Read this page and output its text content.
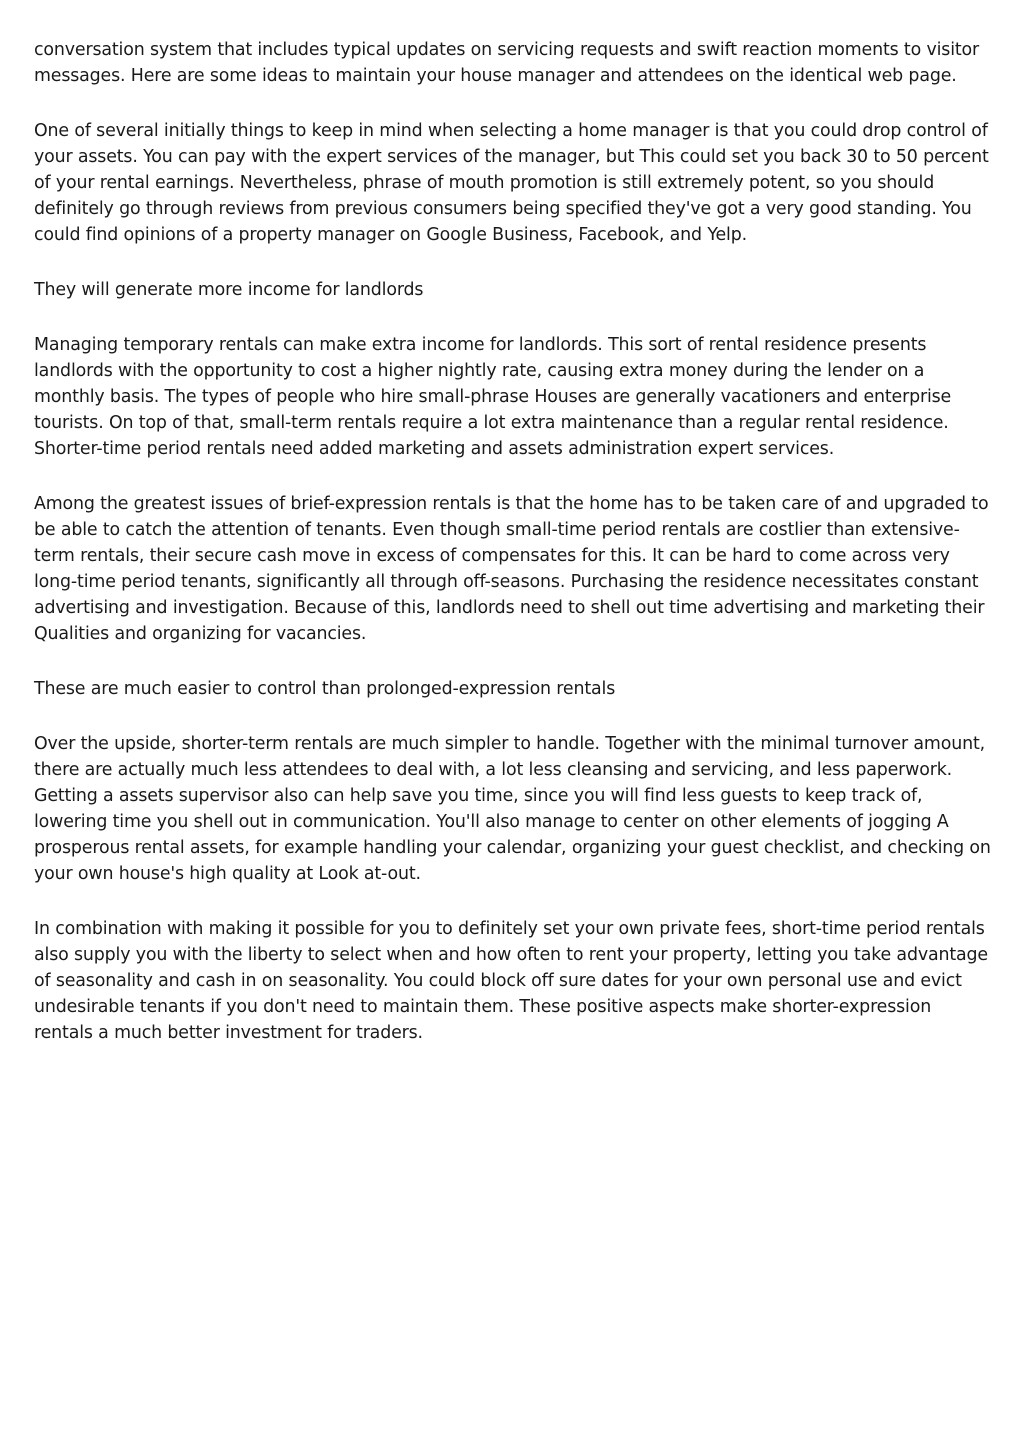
conversation system that includes typical updates on servicing requests and swift reaction moments to visitor messages. Here are some ideas to maintain your house manager and attendees on the identical web page.

One of several initially things to keep in mind when selecting a home manager is that you could drop control of your assets. You can pay with the expert services of the manager, but This could set you back 30 to 50 percent of your rental earnings. Nevertheless, phrase of mouth promotion is still extremely potent, so you should definitely go through reviews from previous consumers being specified they've got a very good standing. You could find opinions of a property manager on Google Business, Facebook, and Yelp.

They will generate more income for landlords

Managing temporary rentals can make extra income for landlords. This sort of rental residence presents landlords with the opportunity to cost a higher nightly rate, causing extra money during the lender on a monthly basis. The types of people who hire small-phrase Houses are generally vacationers and enterprise tourists. On top of that, small-term rentals require a lot extra maintenance than a regular rental residence. Shorter-time period rentals need added marketing and assets administration expert services.

Among the greatest issues of brief-expression rentals is that the home has to be taken care of and upgraded to be able to catch the attention of tenants. Even though small-time period rentals are costlier than extensive-term rentals, their secure cash move in excess of compensates for this. It can be hard to come across very long-time period tenants, significantly all through off-seasons. Purchasing the residence necessitates constant advertising and investigation. Because of this, landlords need to shell out time advertising and marketing their Qualities and organizing for vacancies.

These are much easier to control than prolonged-expression rentals

Over the upside, shorter-term rentals are much simpler to handle. Together with the minimal turnover amount, there are actually much less attendees to deal with, a lot less cleansing and servicing, and less paperwork. Getting a assets supervisor also can help save you time, since you will find less guests to keep track of, lowering time you shell out in communication. You'll also manage to center on other elements of jogging A prosperous rental assets, for example handling your calendar, organizing your guest checklist, and checking on your own house's high quality at Look at-out.

In combination with making it possible for you to definitely set your own private fees, short-time period rentals also supply you with the liberty to select when and how often to rent your property, letting you take advantage of seasonality and cash in on seasonality. You could block off sure dates for your own personal use and evict undesirable tenants if you don't need to maintain them. These positive aspects make shorter-expression rentals a much better investment for traders.
